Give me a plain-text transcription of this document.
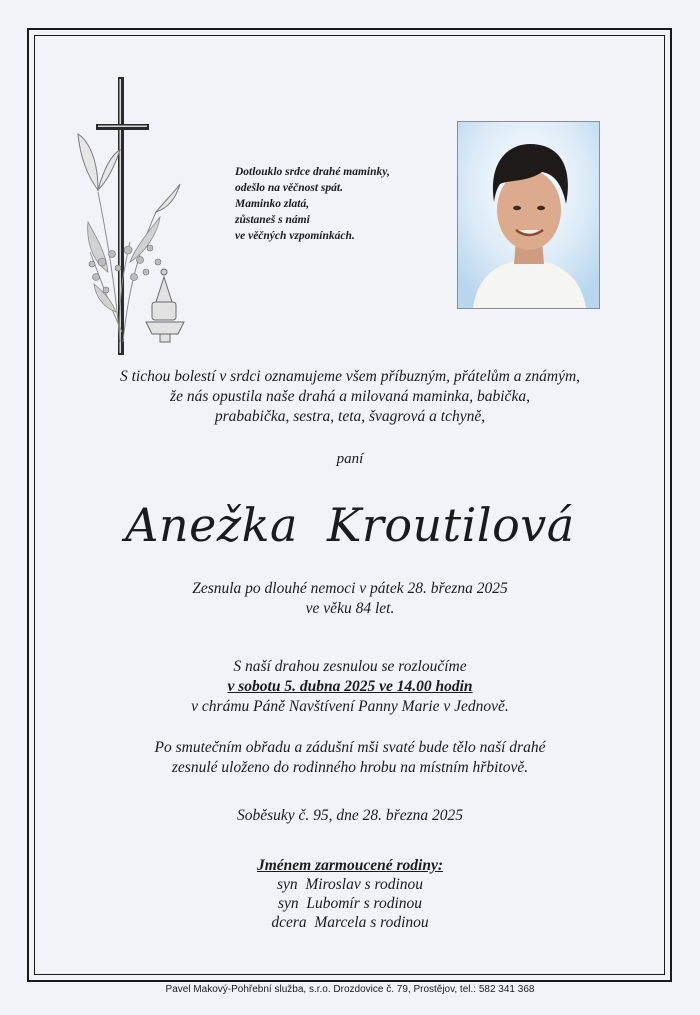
Dotlouklo srdce drahé maminky,
odešlo na věčnost spát.
Maminko zlatá,
zůstaneš s námi
ve věčných vzpomínkách.
S tichou bolestí v srdci oznamujeme všem příbuzným, přátelům a známým,
že nás opustila naše drahá a milovaná maminka, babička,
prababička, sestra, teta, švagrová a tchyně,
paní
Anežka Kroutilová
Zesnula po dlouhé nemoci v pátek 28. března 2025
ve věku 84 let.
S naší drahou zesnulou se rozloučíme
v sobotu 5. dubna 2025 ve 14.00 hodin
v chrámu Páně Navštívení Panny Marie v Jednově.
Po smutečním obřadu a zádušní mši svaté bude tělo naší drahé
zesnulé uloženo do rodinného hrobu na místním hřbitově.
Soběsuky č. 95, dne 28. března 2025
Jménem zarmoucené rodiny:
syn  Miroslav s rodinou
syn  Lubomír s rodinou
dcera  Marcela s rodinou
Pavel Makový-Pohřební služba, s.r.o. Drozdovice č. 79, Prostějov, tel.: 582 341 368
